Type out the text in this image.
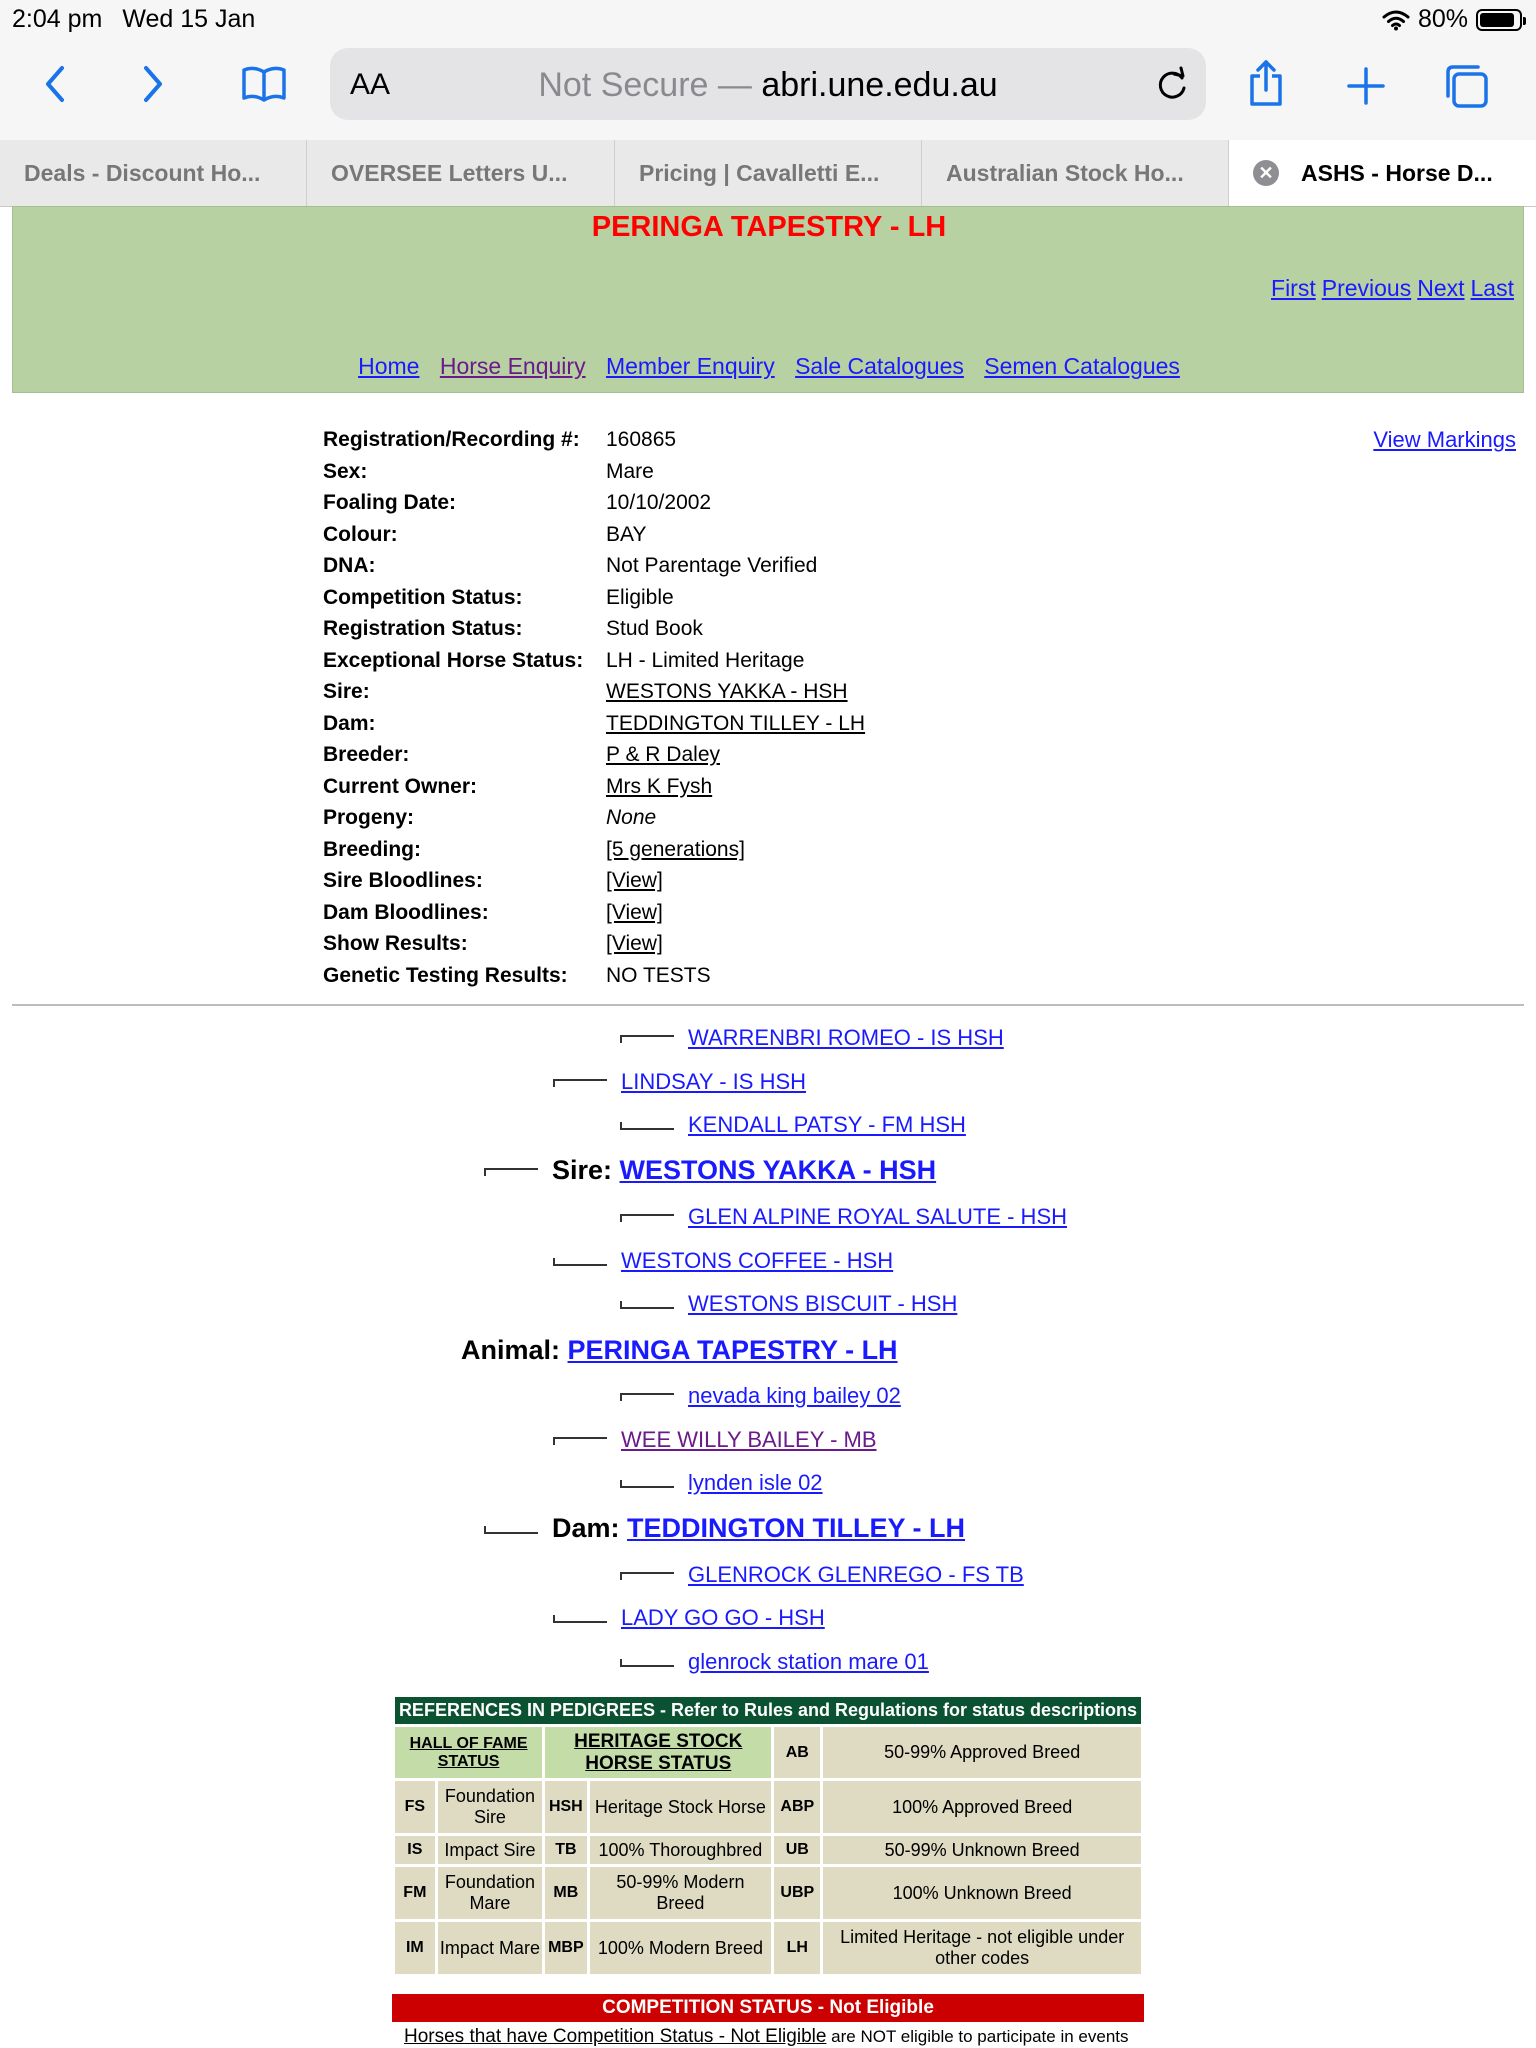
2:04 pm Wed 15 Jan	80%
AA	Not Secure — abri.une.edu.au
Deals - Discount Ho...	OVERSEE Letters U...	Pricing | Cavalletti E...	Australian Stock Ho...	✕ ASHS - Horse D...
PERINGA TAPESTRY - LH
First Previous Next Last
Home Horse Enquiry Member Enquiry Sale Catalogues Semen Catalogues
Registration/Recording #: 160865
Sex:	Mare
Foaling Date:	10/10/2002
Colour:	BAY
DNA:	Not Parentage Verified
Competition Status:	Eligible
Registration Status:	Stud Book
Exceptional Horse Status: LH - Limited Heritage
Sire:	WESTONS YAKKA - HSH
Dam:	TEDDINGTON TILLEY - LH
Breeder:	P & R Daley
Current Owner:	Mrs K Fysh
Progeny:	None
Breeding:	[5 generations]
Sire Bloodlines:	[View]
Dam Bloodlines:	[View]
Show Results:	[View]
Genetic Testing Results: NO TESTS
View Markings
WARRENBRI ROMEO - IS HSH
LINDSAY - IS HSH
KENDALL PATSY - FM HSH
Sire: WESTONS YAKKA - HSH
GLEN ALPINE ROYAL SALUTE - HSH
WESTONS COFFEE - HSH
WESTONS BISCUIT - HSH
Animal: PERINGA TAPESTRY - LH
nevada king bailey 02
WEE WILLY BAILEY - MB
lynden isle 02
Dam: TEDDINGTON TILLEY - LH
GLENROCK GLENREGO - FS TB
LADY GO GO - HSH
glenrock station mare 01
REFERENCES IN PEDIGREES - Refer to Rules and Regulations for status descriptions					
HALL OF FAME STATUS		HERITAGE STOCK HORSE STATUS		AB	50-99% Approved Breed
FS	Foundation Sire	HSH	Heritage Stock Horse	ABP	100% Approved Breed
IS	Impact Sire	TB	100% Thoroughbred	UB	50-99% Unknown Breed
FM	Foundation Mare	MB	50-99% Modern Breed	UBP	100% Unknown Breed
IM	Impact Mare	MBP	100% Modern Breed	LH	Limited Heritage - not eligible under other codes
COMPETITION STATUS - Not Eligible
Horses that have Competition Status - Not Eligible are NOT eligible to participate in events
